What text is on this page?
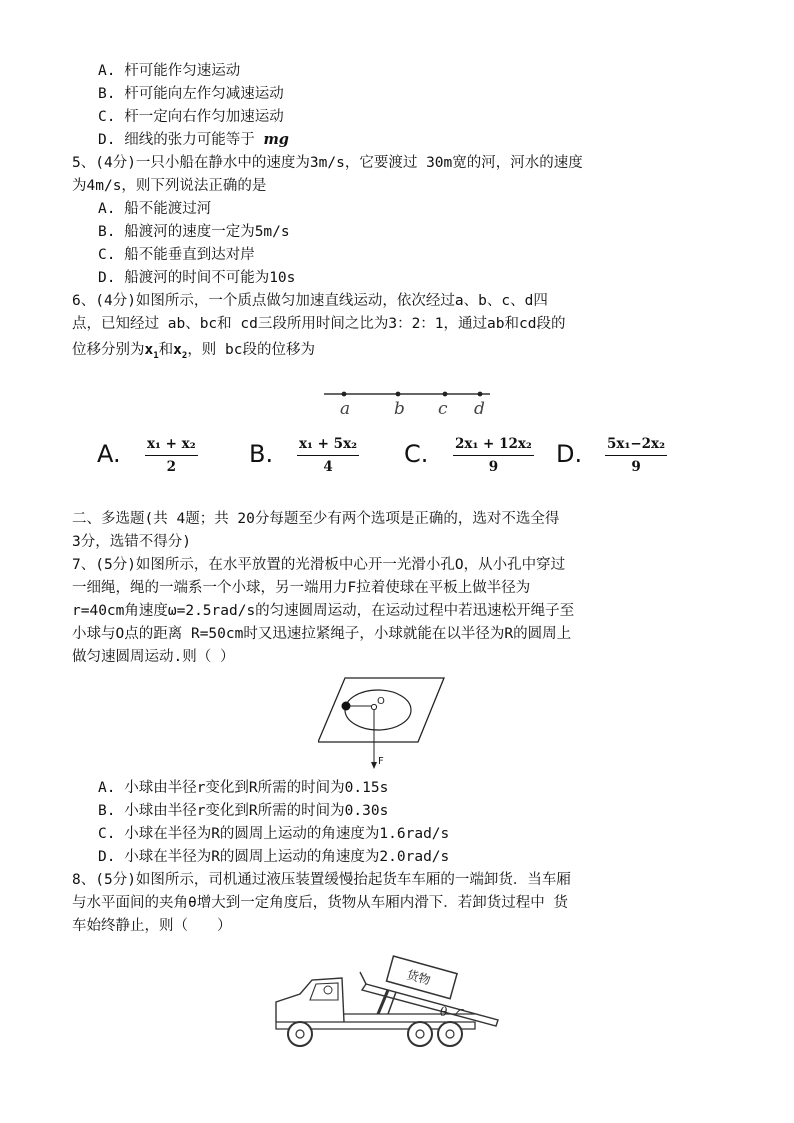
A. 杆可能作匀速运动
B. 杆可能向左作匀减速运动
C. 杆一定向右作匀加速运动
D. 细线的张力可能等于 mg
5、(4分)一只小船在静水中的速度为3m/s，它要渡过 30m宽的河，河水的速度
为4m/s，则下列说法正确的是
A. 船不能渡过河
B. 船渡河的速度一定为5m/s
C. 船不能垂直到达对岸
D. 船渡河的时间不可能为10s
6、(4分)如图所示，一个质点做匀加速直线运动，依次经过a、b、c、d四
点，已知经过 ab、bc和 cd三段所用时间之比为3：2：1，通过ab和cd段的
位移分别为$x_1$和$x_2$，则 bc段的位移为
a	b c d
A. $\frac{\text{x₁ + x₂}}{2} B$. $\frac{\text{x₁ + 5x₂}}{4} C$. $\frac{\text{2x₁ + 12x₂}}{9} D$. $\frac{\text{5x₁−2x₂}}{9}$
二、多选题(共 4题；共 20分每题至少有两个选项是正确的，选对不选全得
3分，选错不得分)
7、(5分)如图所示，在水平放置的光滑板中心开一光滑小孔O，从小孔中穿过
一细绳，绳的一端系一个小球，另一端用力F拉着使球在平板上做半径为
r=40cm角速度ω=2.5rad/s的匀速圆周运动，在运动过程中若迅速松开绳子至
小球与O点的距离 R=50cm时又迅速拉紧绳子，小球就能在以半径为R的圆周上
做匀速圆周运动.则（ ）
O
F
A. 小球由半径r变化到R所需的时间为0.15s
B. 小球由半径r变化到R所需的时间为0.30s
C. 小球在半径为R的圆周上运动的角速度为1.6rad/s
D. 小球在半径为R的圆周上运动的角速度为2.0rad/s
8、(5分)如图所示，司机通过液压装置缓慢抬起货车车厢的一端卸货．当车厢
与水平面间的夹角θ增大到一定角度后，货物从车厢内滑下．若卸货过程中 货
车始终静止，则（　　）
货物
θ
